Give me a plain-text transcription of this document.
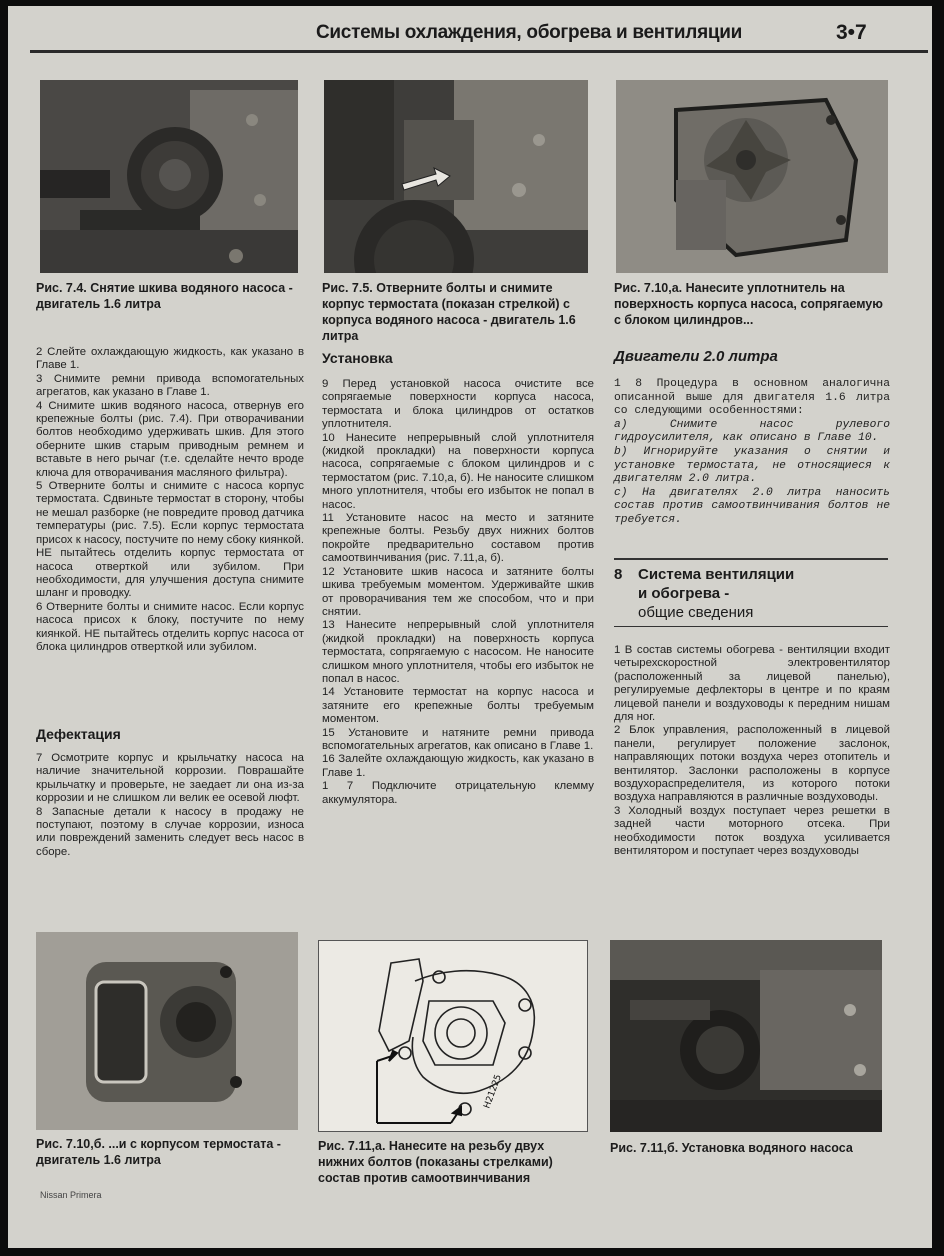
Системы охлаждения, обогрева и вентиляции	3•7
Рис. 7.4. Снятие шкива водяного насоса - двигатель 1.6 литра
Рис. 7.5. Отверните болты и снимите корпус термостата (показан стрелкой) с корпуса водяного насоса - двигатель 1.6 литра
Рис. 7.10,а. Нанесите уплотнитель на поверхность корпуса насоса, сопрягаемую с блоком цилиндров...

2 Слейте охлаждающую жидкость, как указано в Главе 1.

3 Снимите ремни привода вспомогательных агрегатов, как указано в Главе 1.

4 Снимите шкив водяного насоса, отвернув его крепежные болты (рис. 7.4). При отворачивании болтов необходимо удерживать шкив. Для этого оберните шкив старым приводным ремнем и вставьте в него рычаг (т.е. сделайте нечто вроде ключа для отворачивания масляного фильтра).

5 Отверните болты и снимите с насоса корпус термостата. Сдвиньте термостат в сторону, чтобы не мешал разборке (не повредите провод датчика температуры (рис. 7.5). Если корпус термостата присох к насосу, постучите по нему сбоку киянкой. НЕ пытайтесь отделить корпус термостата от насоса отверткой или зубилом. При необходимости, для улучшения доступа снимите шланг и проводку.

6 Отверните болты и снимите насос. Если корпус насоса присох к блоку, постучите по нему киянкой. НЕ пытайтесь отделить корпус насоса от блока цилиндров отверткой или зубилом.

Дефектация

7 Осмотрите корпус и крыльчатку насоса на наличие значительной коррозии. Поврашайте крыльчатку и проверьте, не заедает ли она из-за коррозии и не слишком ли велик ее осевой люфт.

8 Запасные детали к насосу в продажу не поступают, поэтому в случае коррозии, износа или повреждений заменить следует весь насос в сборе.

Установка

9 Перед установкой насоса очистите все сопрягаемые поверхности корпуса насоса, термостата и блока цилиндров от остатков уплотнителя.

10 Нанесите непрерывный слой уплотнителя (жидкой прокладки) на поверхности корпуса насоса, сопрягаемые с блоком цилиндров и с термостатом (рис. 7.10,а, б). Не наносите слишком много уплотнителя, чтобы его избыток не попал в насос.

11 Установите насос на место и затяните крепежные болты. Резьбу двух нижних болтов покройте предварительно составом против самоотвинчивания (рис. 7.11,а, б).

12 Установите шкив насоса и затяните болты шкива требуемым моментом. Удерживайте шкив от проворачивания тем же способом, что и при снятии.

13 Нанесите непрерывный слой уплотнителя (жидкой прокладки) на поверхность корпуса термостата, сопрягаемую с насосом. Не наносите слишком много уплотнителя, чтобы его избыток не попал в насос.

14 Установите термостат на корпус насоса и затяните его крепежные болты требуемым моментом.

15 Установите и натяните ремни привода вспомогательных агрегатов, как описано в Главе 1.

16 Залейте охлаждающую жидкость, как указано в Главе 1.

1 7 Подключите отрицательную клемму аккумулятора.

Двигатели 2.0 литра

1 8 Процедура в основном аналогична описанной выше для двигателя 1.6 литра со следующими особенностями:

a) Снимите насос рулевого гидроусилителя, как описано в Главе 10.

b) Игнорируйте указания о снятии и установке термостата, не относящиеся к двигателям 2.0 литра.

c) На двигателях 2.0 литра наносить состав против самоотвинчивания болтов не требуется.

8 Система вентиляции
и обогрева -
общие сведения

1 В состав системы обогрева - вентиляции входит четырехскоростной электровентилятор (расположенный за лицевой панелью), регулируемые дефлекторы в центре и по краям лицевой панели и воздуховоды к передним нишам для ног.

2 Блок управления, расположенный в лицевой панели, регулирует положение заслонок, направляющих потоки воздуха через отопитель и вентилятор. Заслонки расположены в корпусе воздухораспределителя, из которого потоки воздуха направляются в различные воздуховоды.

3 Холодный воздух поступает через решетки в задней части моторного отсека. При необходимости поток воздуха усиливается вентилятором и поступает через воздуховоды

H21225
Рис. 7.10,б. ...и с корпусом термостата - двигатель 1.6 литра
Рис. 7.11,а. Нанесите на резьбу двух нижних болтов (показаны стрелками) состав против самоотвинчивания
Рис. 7.11,б. Установка водяного насоса
Nissan Primera
